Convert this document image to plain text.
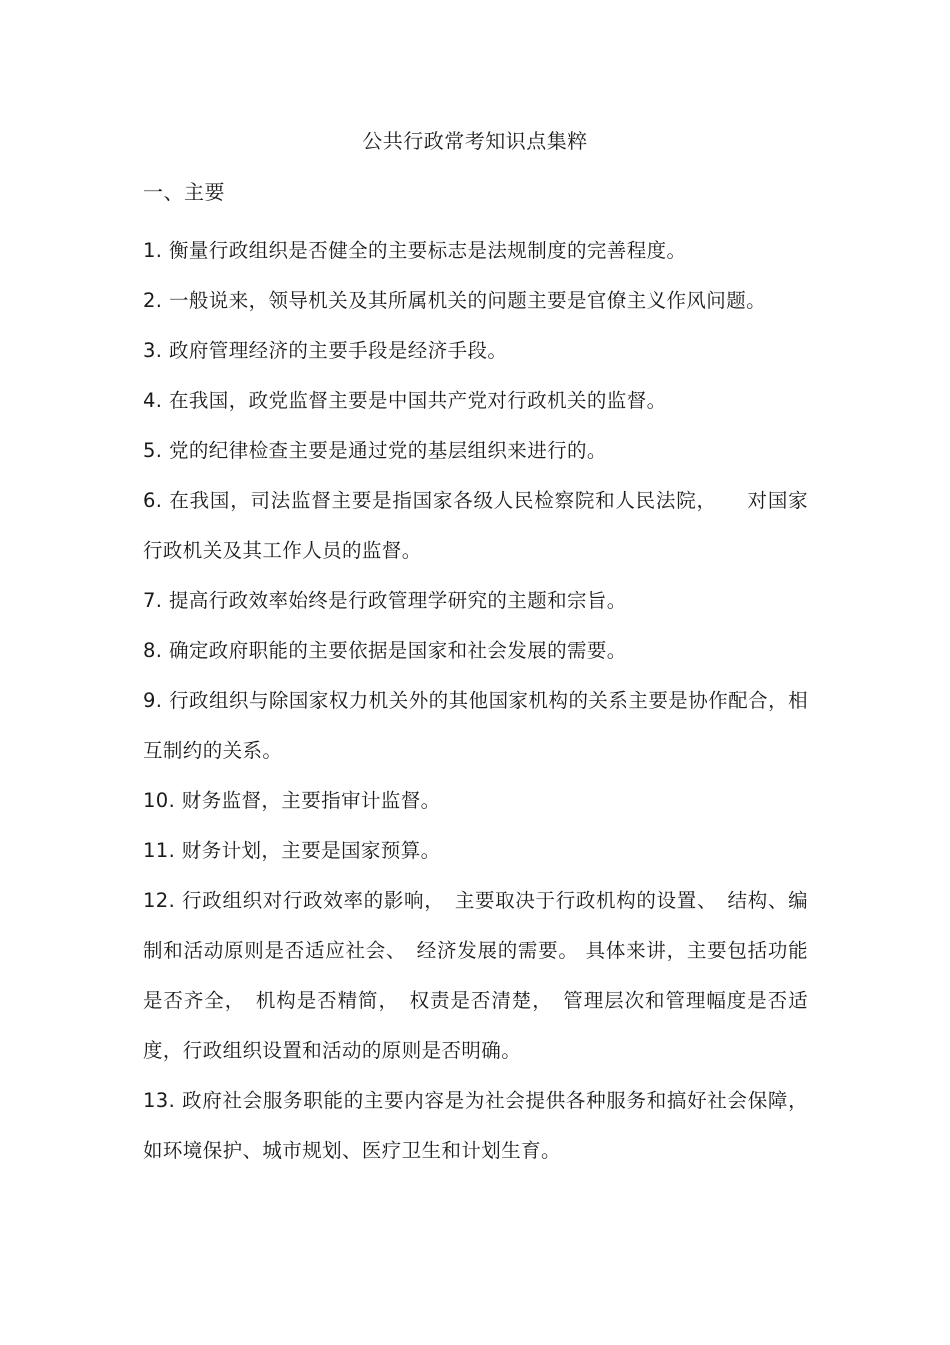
公共行政常考知识点集粹
一、主要
1. 衡量行政组织是否健全的主要标志是法规制度的完善程度。
2. 一般说来，领导机关及其所属机关的问题主要是官僚主义作风问题。
3. 政府管理经济的主要手段是经济手段。
4. 在我国，政党监督主要是中国共产党对行政机关的监督。
5. 党的纪律检查主要是通过党的基层组织来进行的。
6. 在我国，司法监督主要是指国家各级人民检察院和人民法院，　　对国家行政机关及其工作人员的监督。
7. 提高行政效率始终是行政管理学研究的主题和宗旨。
8. 确定政府职能的主要依据是国家和社会发展的需要。
9. 行政组织与除国家权力机关外的其他国家机构的关系主要是协作配合，相互制约的关系。
10. 财务监督，主要指审计监督。
11. 财务计划，主要是国家预算。
12. 行政组织对行政效率的影响，　主要取决于行政机构的设置、　结构、编制和活动原则是否适应社会、　经济发展的需要。 具体来讲，主要包括功能是否齐全，　机构是否精简，　权责是否清楚，　管理层次和管理幅度是否适度，行政组织设置和活动的原则是否明确。
13. 政府社会服务职能的主要内容是为社会提供各种服务和搞好社会保障，如环境保护、城市规划、医疗卫生和计划生育。
